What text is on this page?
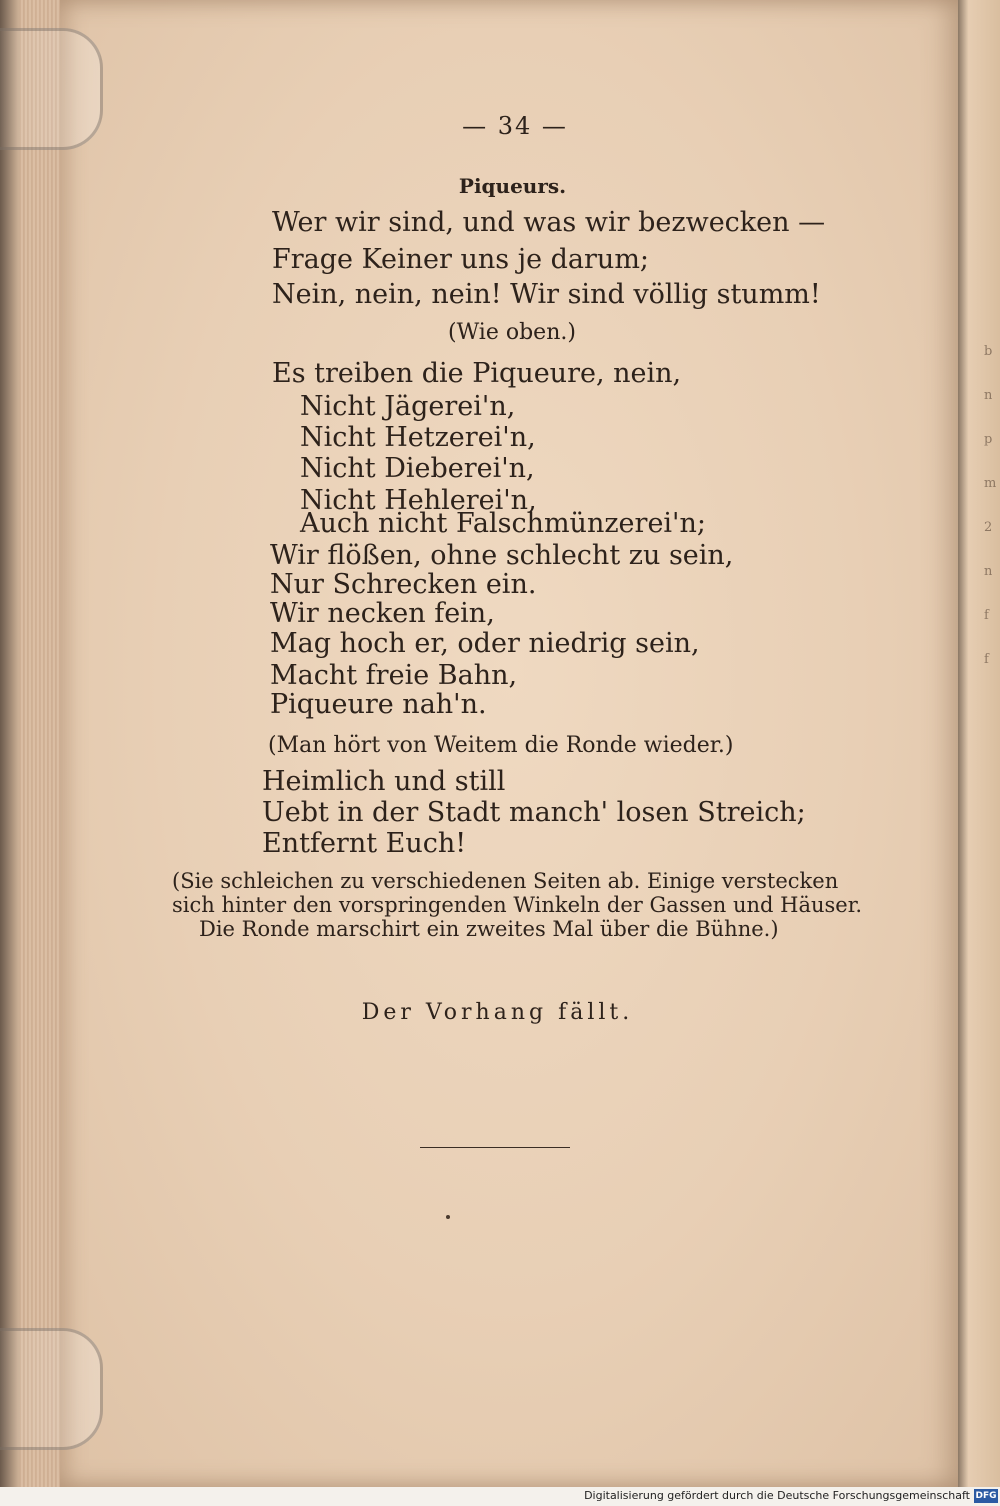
b
n
p
m
2
n
f
f
— 34 —
Piqueurs.
Wer wir sind, und was wir bezwecken —
Frage Keiner uns je darum;
Nein, nein, nein! Wir sind völlig stumm!
(Wie oben.)
Es treiben die Piqueure, nein,
Nicht Jägerei'n,
Nicht Hetzerei'n,
Nicht Dieberei'n,
Nicht Hehlerei'n,
Auch nicht Falschmünzerei'n;
Wir flößen, ohne schlecht zu sein,
Nur Schrecken ein.
Wir necken fein,
Mag hoch er, oder niedrig sein,
Macht freie Bahn,
Piqueure nah'n.
(Man hört von Weitem die Ronde wieder.)
Heimlich und still
Uebt in der Stadt manch' losen Streich;
Entfernt Euch!
(Sie schleichen zu verschiedenen Seiten ab. Einige verstecken
sich hinter den vorspringenden Winkeln der Gassen und Häuser.
Die Ronde marschirt ein zweites Mal über die Bühne.)
Der Vorhang fällt.
Digitalisierung gefördert durch die Deutsche Forschungsgemeinschaft DFG
